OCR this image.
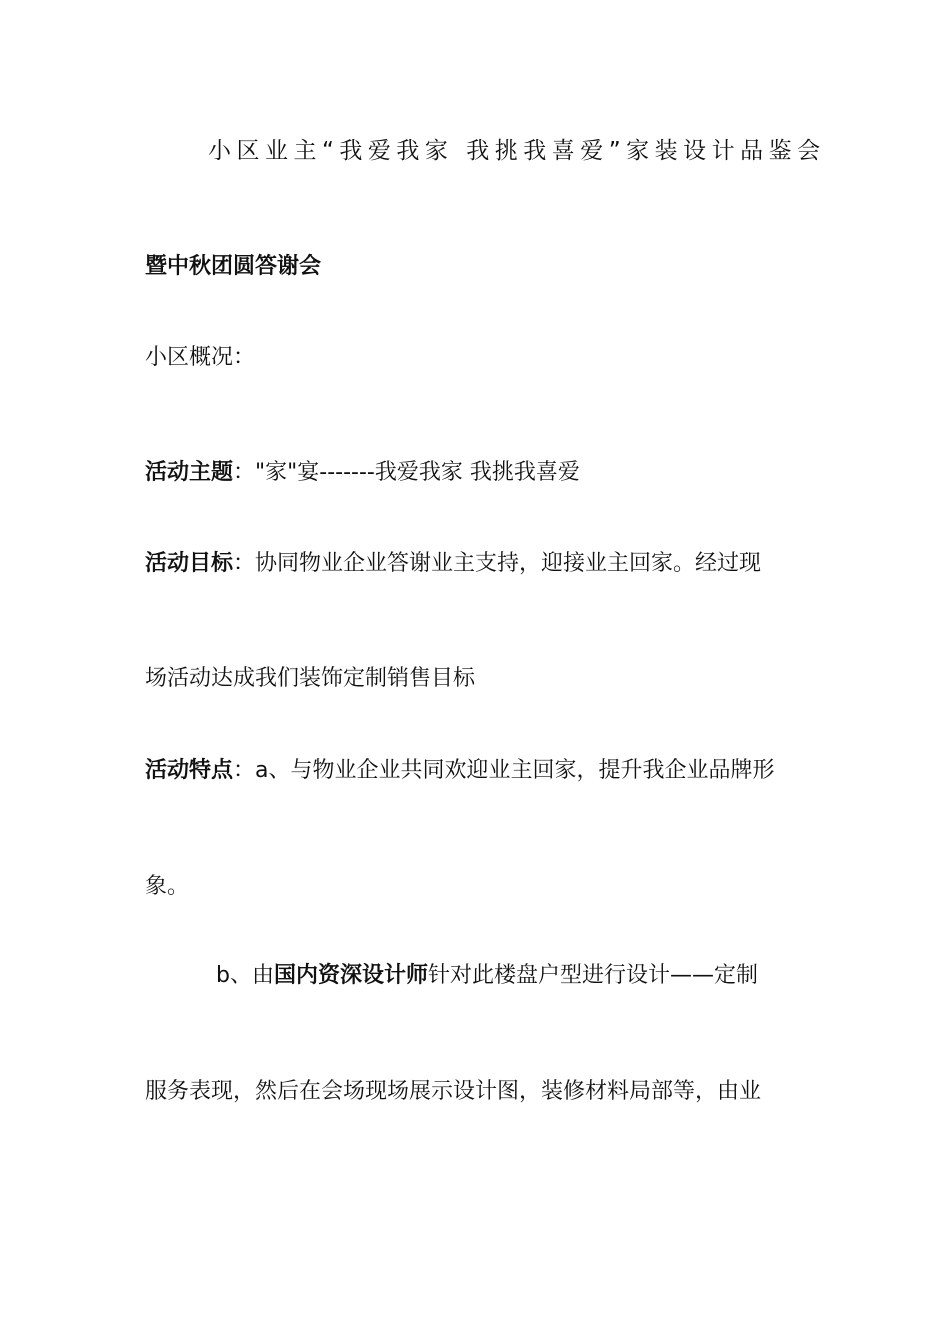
小区业主“我爱我家 我挑我喜爱”家装设计品鉴会
暨中秋团圆答谢会
小区概况：
活动主题："家"宴-------我爱我家 我挑我喜爱
活动目标：协同物业企业答谢业主支持，迎接业主回家。经过现
场活动达成我们装饰定制销售目标
活动特点：a、与物业企业共同欢迎业主回家，提升我企业品牌形
象。
b、由国内资深设计师针对此楼盘户型进行设计——定制
服务表现，然后在会场现场展示设计图，装修材料局部等，由业
